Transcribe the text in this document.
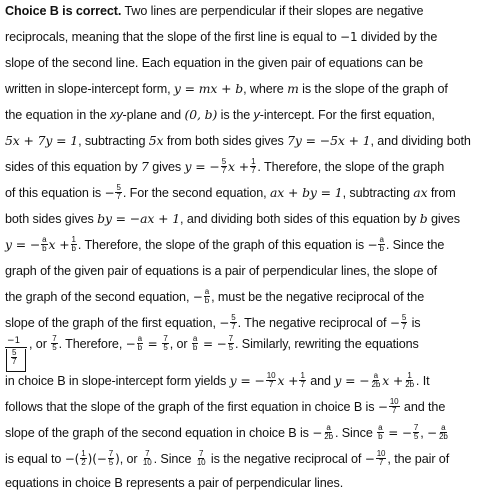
Choice B is correct. Two lines are perpendicular if their slopes are negative
reciprocals, meaning that the slope of the first line is equal to −1 divided by the
slope of the second line. Each equation in the given pair of equations can be
written in slope-intercept form, y = mx + b, where m is the slope of the graph of
the equation in the xy-plane and (0, b) is the y-intercept. For the first equation,
5x + 7y = 1, subtracting 5x from both sides gives 7y = −5x + 1, and dividing both
sides of this equation by 7 gives y = − $\frac{5}{7}$ $x + \frac{1}{7}$ . Therefore, the slope of the graph
of this equation is − $\frac{5}{7}$ . For the second equation, ax + by = 1, subtracting ax from
both sides gives by = −ax + 1, and dividing both sides of this equation by b gives
y = − $\frac{a}{b}$ $x + \frac{1}{b}$ . Therefore, the slope of the graph of this equation is − $\frac{a}{b}$ . Since the
graph of the given pair of equations is a pair of perpendicular lines, the slope of
the graph of the second equation, − $\frac{a}{b}$ , must be the negative reciprocal of the
slope of the graph of the first equation, − $\frac{5}{7}$ . The negative reciprocal of − $\frac{5}{7}$ is
−1
$\frac{5}{7}$
, or $\frac{7}{5}$ . Therefore, − $\frac{a}{b} = \frac{7}{5}$ , or $\frac{a}{b}$ = − $\frac{7}{5}$ . Similarly, rewriting the equations
in choice B in slope-intercept form yields y = − $\frac{10}{7}$ $x + \frac{1}{7}$ and y = − $\frac{a}{2b}$ $x + \frac{1}{2b}$ . It
follows that the slope of the graph of the first equation in choice B is − $\frac{10}{7}$ and the
slope of the graph of the second equation in choice B is − $\frac{a}{2b}$ . Since $\frac{a}{b}$ = − $\frac{7}{5}$ , − $\frac{a}{2b}$
is equal to −( $\frac{1}{2}$ )(− $\frac{7}{5}$ ), or $\frac{7}{10}$ . Since $\frac{7}{10}$ is the negative reciprocal of − $\frac{10}{7}$ , the pair of
equations in choice B represents a pair of perpendicular lines.
